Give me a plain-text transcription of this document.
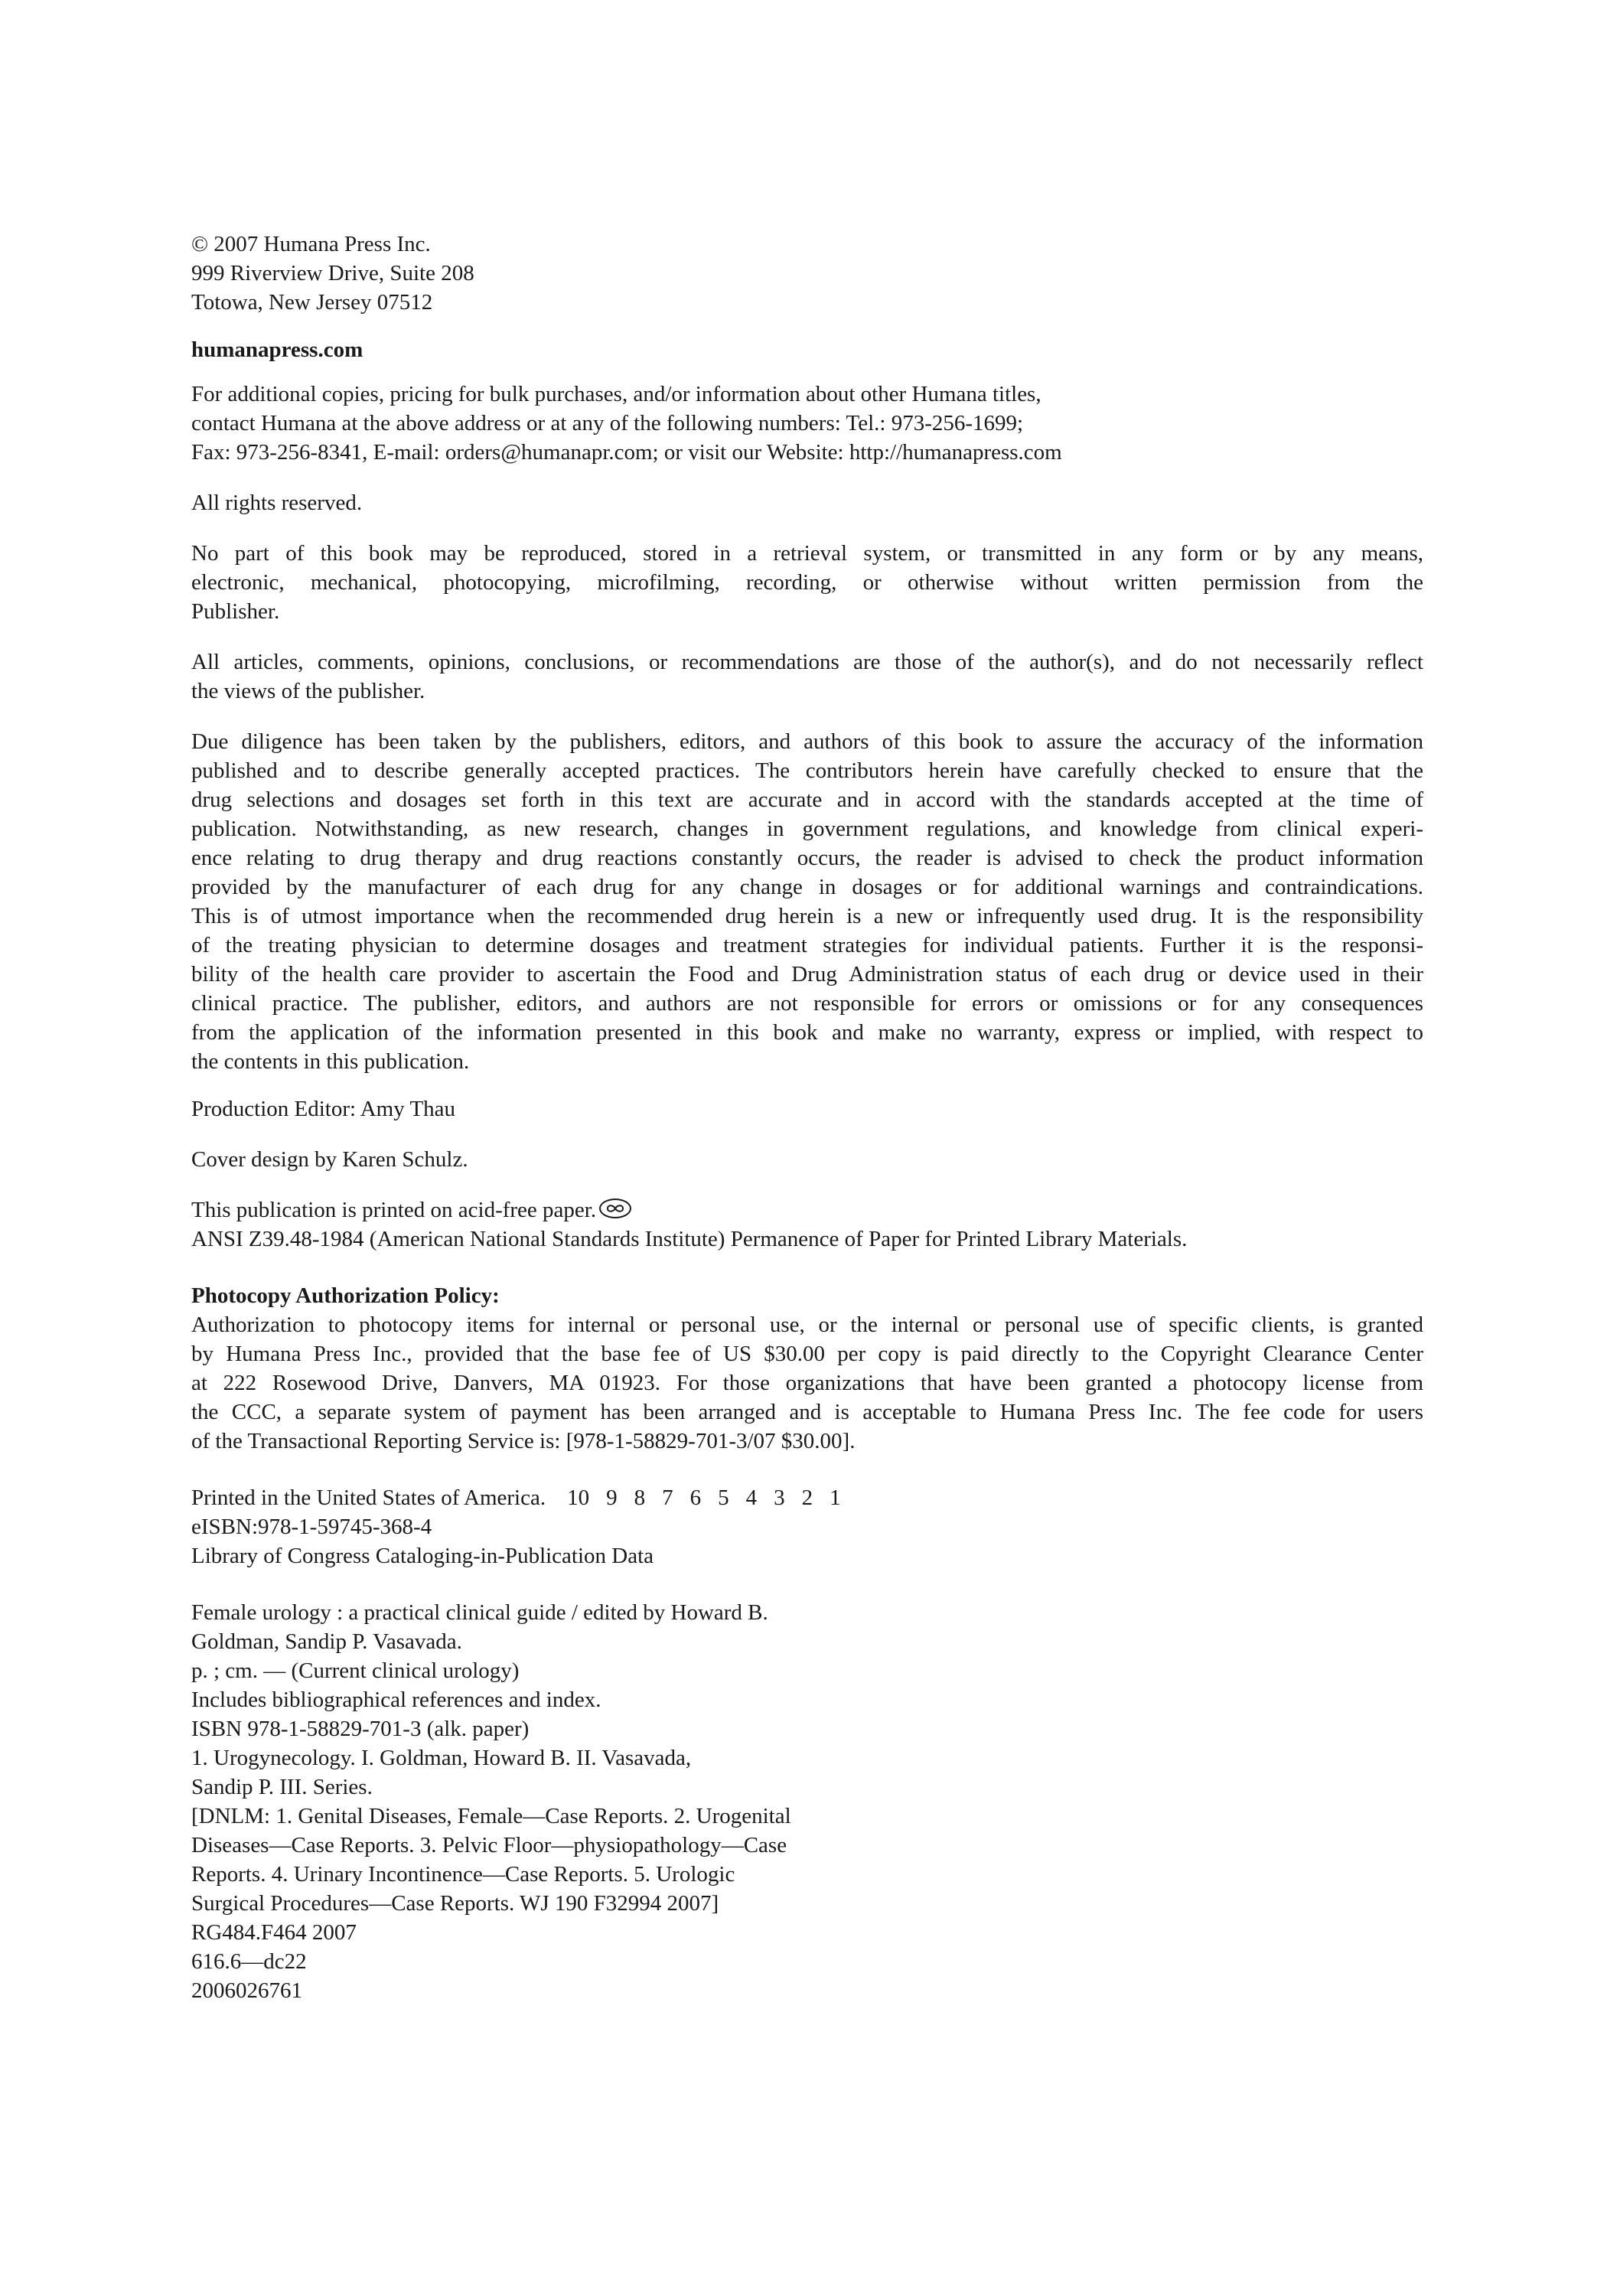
© 2007 Humana Press Inc.
999 Riverview Drive, Suite 208
Totowa, New Jersey 07512
humanapress.com
For additional copies, pricing for bulk purchases, and/or information about other Humana titles,
contact Humana at the above address or at any of the following numbers: Tel.: 973-256-1699;
Fax: 973-256-8341, E-mail: orders@humanapr.com; or visit our Website: http://humanapress.com
All rights reserved.
No part of this book may be reproduced, stored in a retrieval system, or transmitted in any form or by any means,
electronic, mechanical, photocopying, microfilming, recording, or otherwise without written permission from the
Publisher.
All articles, comments, opinions, conclusions, or recommendations are those of the author(s), and do not necessarily reflect
the views of the publisher.
Due diligence has been taken by the publishers, editors, and authors of this book to assure the accuracy of the information
published and to describe generally accepted practices. The contributors herein have carefully checked to ensure that the
drug selections and dosages set forth in this text are accurate and in accord with the standards accepted at the time of
publication. Notwithstanding, as new research, changes in government regulations, and knowledge from clinical experi-
ence relating to drug therapy and drug reactions constantly occurs, the reader is advised to check the product information
provided by the manufacturer of each drug for any change in dosages or for additional warnings and contraindications.
This is of utmost importance when the recommended drug herein is a new or infrequently used drug. It is the responsibility
of the treating physician to determine dosages and treatment strategies for individual patients. Further it is the responsi-
bility of the health care provider to ascertain the Food and Drug Administration status of each drug or device used in their
clinical practice. The publisher, editors, and authors are not responsible for errors or omissions or for any consequences
from the application of the information presented in this book and make no warranty, express or implied, with respect to
the contents in this publication.
Production Editor: Amy Thau
Cover design by Karen Schulz.
This publication is printed on acid-free paper.
ANSI Z39.48-1984 (American National Standards Institute) Permanence of Paper for Printed Library Materials.
Photocopy Authorization Policy:
Authorization to photocopy items for internal or personal use, or the internal or personal use of specific clients, is granted
by Humana Press Inc., provided that the base fee of US $30.00 per copy is paid directly to the Copyright Clearance Center
at 222 Rosewood Drive, Danvers, MA 01923. For those organizations that have been granted a photocopy license from
the CCC, a separate system of payment has been arranged and is acceptable to Humana Press Inc. The fee code for users
of the Transactional Reporting Service is: [978-1-58829-701-3/07 $30.00].
Printed in the United States of America. 10 9 8 7 6 5 4 3 2 1
eISBN:978-1-59745-368-4
Library of Congress Cataloging-in-Publication Data
Female urology : a practical clinical guide / edited by Howard B.
Goldman, Sandip P. Vasavada.
p. ; cm. — (Current clinical urology)
Includes bibliographical references and index.
ISBN 978-1-58829-701-3 (alk. paper)
1. Urogynecology. I. Goldman, Howard B. II. Vasavada,
Sandip P. III. Series.
[DNLM: 1. Genital Diseases, Female—Case Reports. 2. Urogenital
Diseases—Case Reports. 3. Pelvic Floor—physiopathology—Case
Reports. 4. Urinary Incontinence—Case Reports. 5. Urologic
Surgical Procedures—Case Reports. WJ 190 F32994 2007]
RG484.F464 2007
616.6—dc22
2006026761
